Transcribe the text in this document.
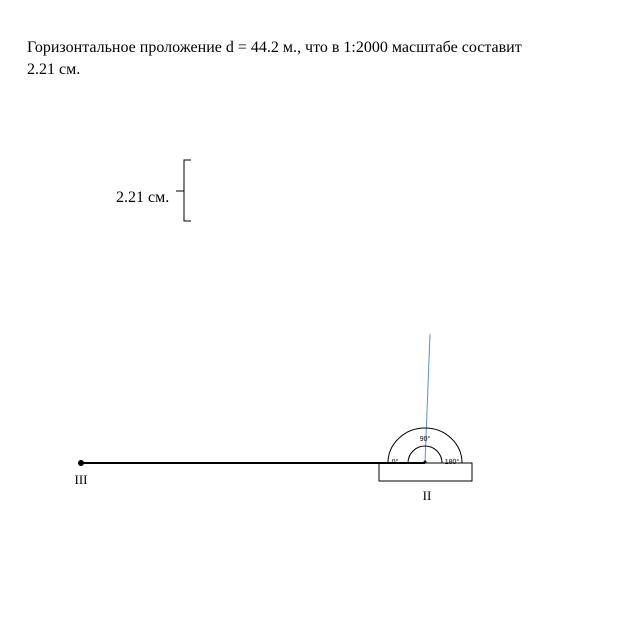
Горизонтальное проложение d = 44.2 м., что в 1:2000 масштабе составит
2.21 см.
2.21 см.
90°
0°	180°
III
II
